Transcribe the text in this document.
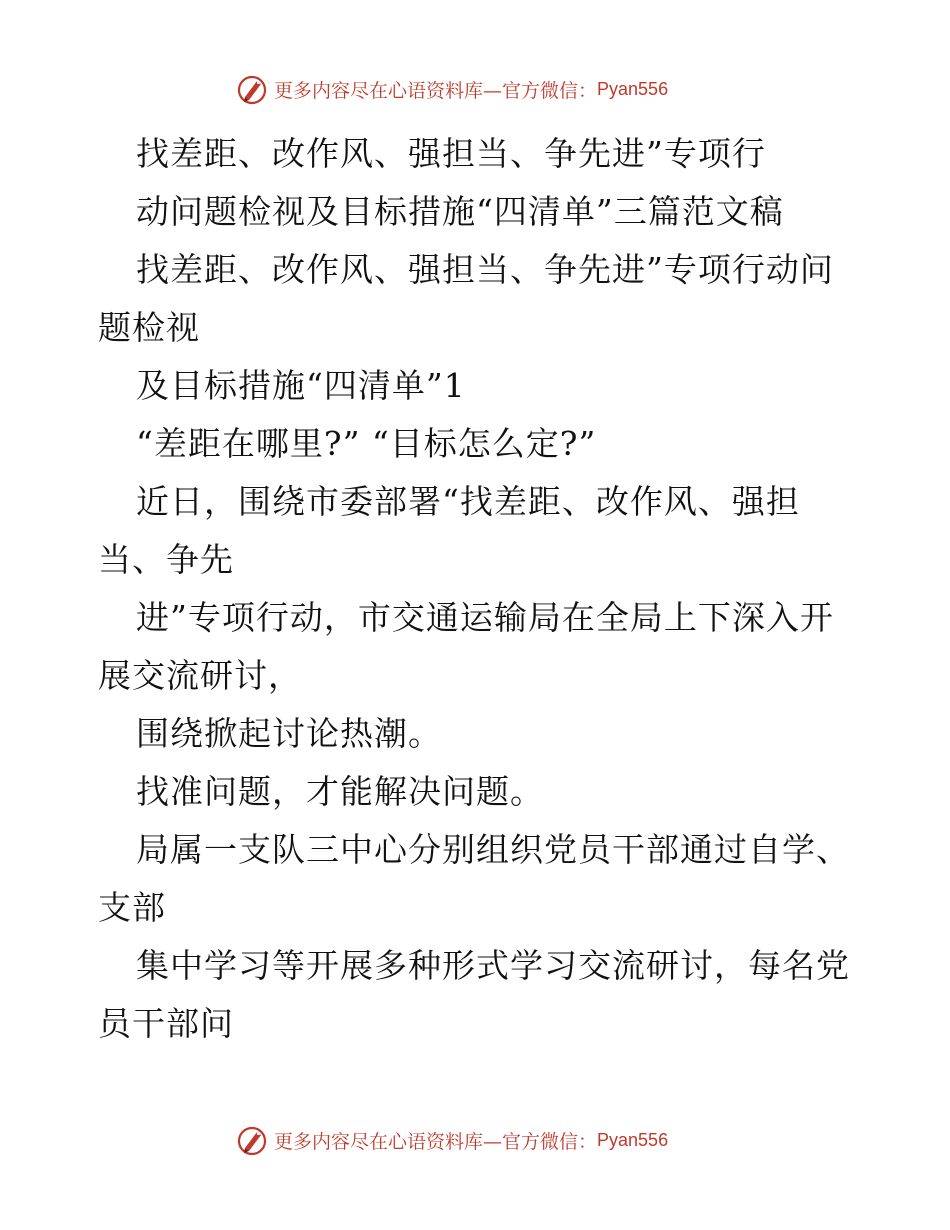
更多内容尽在心语资料库—官方微信： Pyan556
找差距、改作风、强担当、争先进”专项行
动问题检视及目标措施“四清单”三篇范文稿
找差距、改作风、强担当、争先进”专项行动问
题检视
及目标措施“四清单”1
“差距在哪里?” “目标怎么定?”
近日，围绕市委部署“找差距、改作风、强担
当、争先
进”专项行动，市交通运输局在全局上下深入开
展交流研讨，
围绕掀起讨论热潮。
找准问题，才能解决问题。
局属一支队三中心分别组织党员干部通过自学、
支部
集中学习等开展多种形式学习交流研讨，每名党
员干部问
更多内容尽在心语资料库—官方微信： Pyan556
